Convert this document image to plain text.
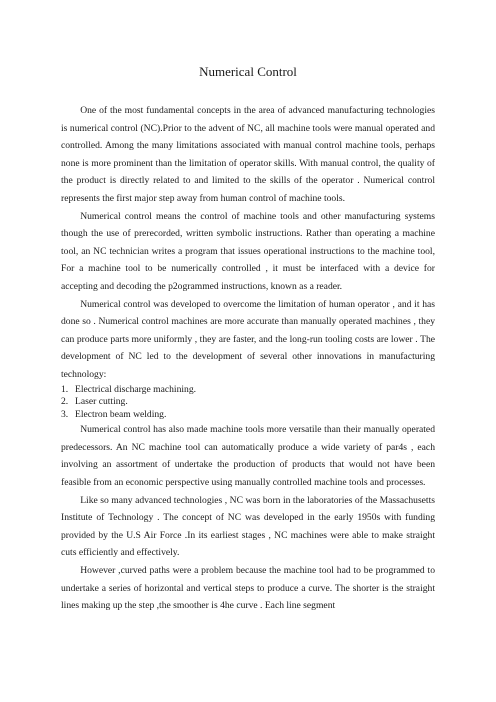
Numerical Control

One of the most fundamental concepts in the area of advanced manufacturing technologies is numerical control (NC).Prior to the advent of NC, all machine tools were manual operated and controlled. Among the many limitations associated with manual control machine tools, perhaps none is more prominent than the limitation of operator skills. With manual control, the quality of the product is directly related to and limited to the skills of the operator . Numerical control represents the first major step away from human control of machine tools.

Numerical control means the control of machine tools and other manufacturing systems though the use of prerecorded, written symbolic instructions. Rather than operating a machine tool, an NC technician writes a program that issues operational instructions to the machine tool, For a machine tool to be numerically controlled , it must be interfaced with a device for accepting and decoding the p2ogrammed instructions, known as a reader.

Numerical control was developed to overcome the limitation of human operator , and it has done so . Numerical control machines are more accurate than manually operated machines , they can produce parts more uniformly , they are faster, and the long-run tooling costs are lower . The development of NC led to the development of several other innovations in manufacturing technology:

1. Electrical discharge machining.
2. Laser cutting.
3. Electron beam welding.

Numerical control has also made machine tools more versatile than their manually operated predecessors. An NC machine tool can automatically produce a wide variety of par4s , each involving an assortment of undertake the production of products that would not have been feasible from an economic perspective using manually controlled machine tools and processes.

Like so many advanced technologies , NC was born in the laboratories of the Massachusetts Institute of Technology . The concept of NC was developed in the early 1950s with funding provided by the U.S Air Force .In its earliest stages , NC machines were able to make straight cuts efficiently and effectively.

However ,curved paths were a problem because the machine tool had to be programmed to undertake a series of horizontal and vertical steps to produce a curve. The shorter is the straight lines making up the step ,the smoother is 4he curve . Each line segment
